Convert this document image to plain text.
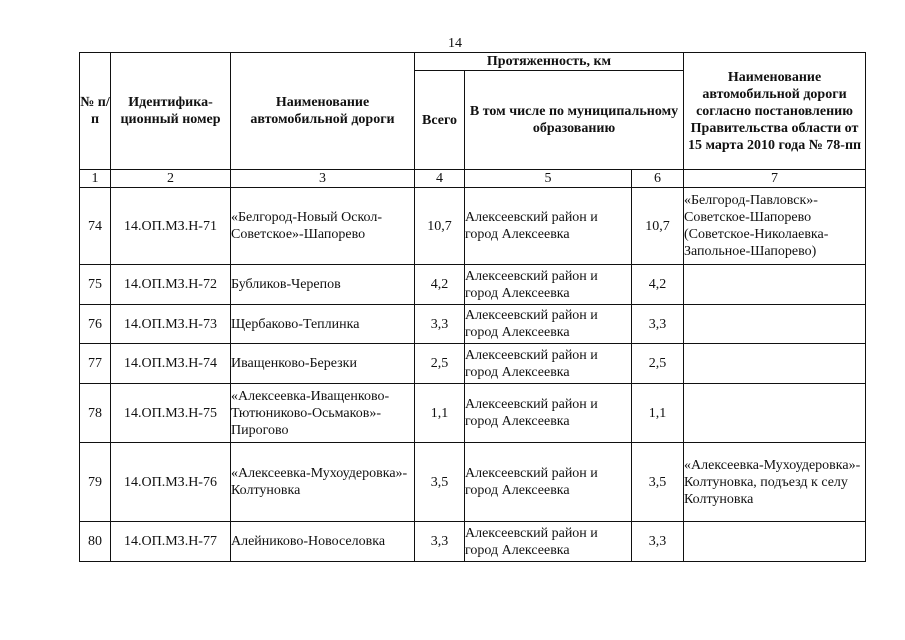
14
№ п/п	Идентифика-ционный номер	Наименование автомобильной дороги	Протяженность, км			Наименование автомобильной дороги согласно постановлению Правительства области от 15 марта 2010 года № 78-пп
			Всего	В том числе по муниципальному образованию		
1	2	3	4	5	6	7
74	14.ОП.МЗ.Н-71	«Белгород-Новый Оскол-Советское»-Шапорево	10,7	Алексеевский район и город Алексеевка	10,7	«Белгород-Павловск»-Советское-Шапорево (Советское-Николаевка-Запольное-Шапорево)
75	14.ОП.МЗ.Н-72	Бубликов-Черепов	4,2	Алексеевский район и город Алексеевка	4,2	
76	14.ОП.МЗ.Н-73	Щербаково-Теплинка	3,3	Алексеевский район и город Алексеевка	3,3	
77	14.ОП.МЗ.Н-74	Иващенково-Березки	2,5	Алексеевский район и город Алексеевка	2,5	
78	14.ОП.МЗ.Н-75	«Алексеевка-Иващенково-Тютюниково-Осьмаков»-Пирогово	1,1	Алексеевский район и город Алексеевка	1,1	
79	14.ОП.МЗ.Н-76	«Алексеевка-Мухоудеровка»-Колтуновка	3,5	Алексеевский район и город Алексеевка	3,5	«Алексеевка-Мухоудеровка»-Колтуновка, подъезд к селу Колтуновка
80	14.ОП.МЗ.Н-77	Алейниково-Новоселовка	3,3	Алексеевский район и город Алексеевка	3,3	
